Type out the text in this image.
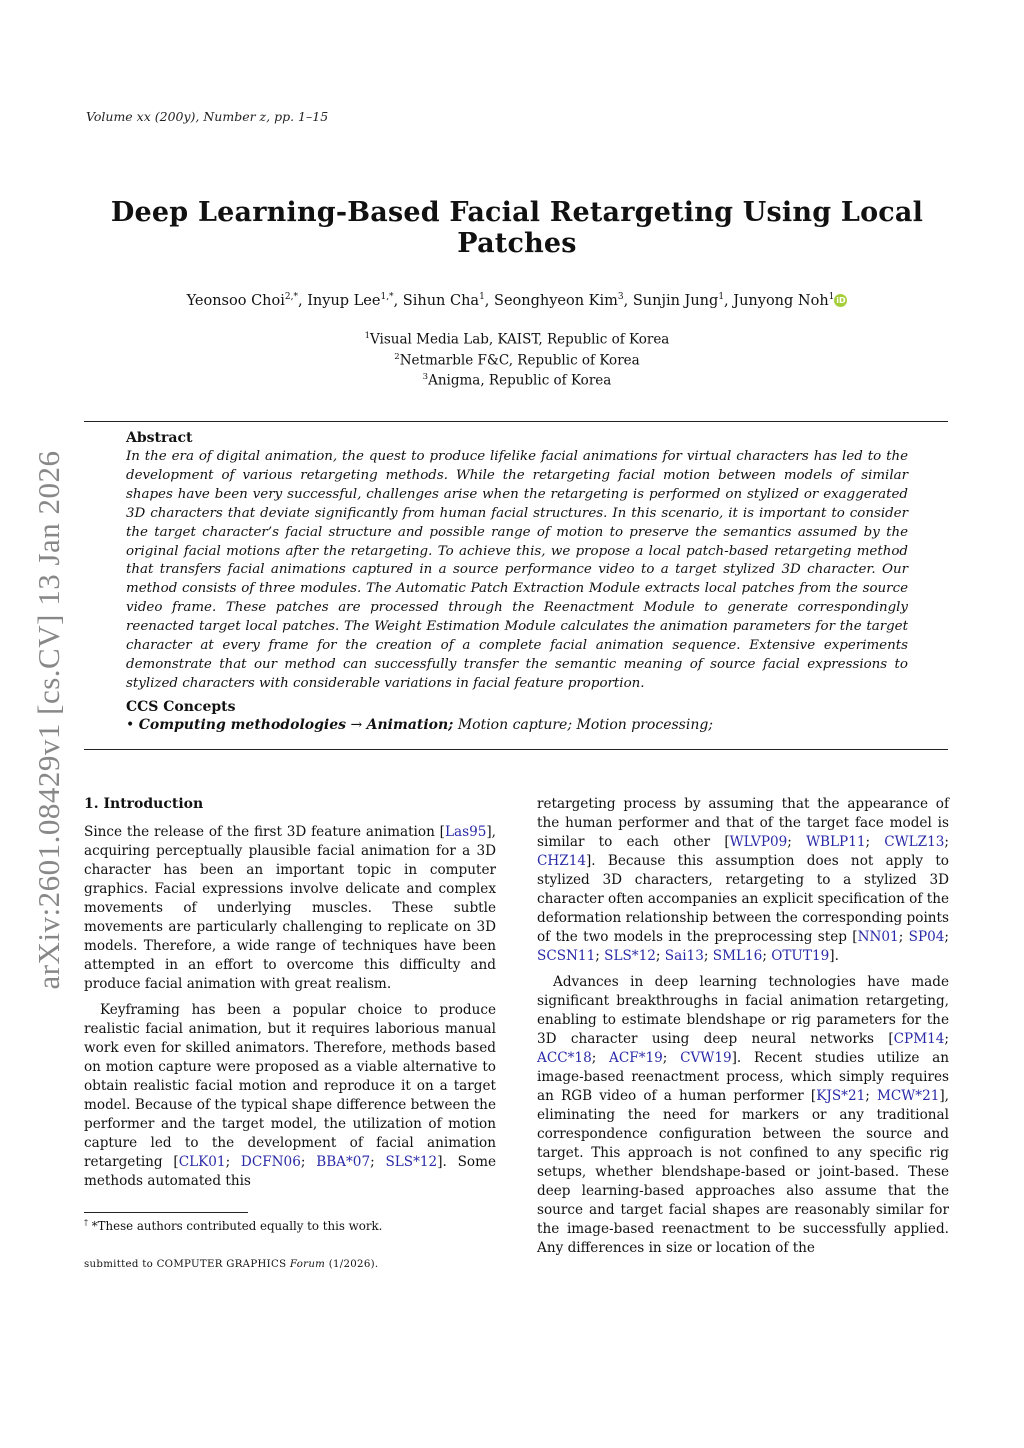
Volume xx (200y), Number z, pp. 1–15
arXiv:2601.08429v1 [cs.CV] 13 Jan 2026
Deep Learning-Based Facial Retargeting Using Local Patches
Yeonsoo Choi$^{2,*}$, Inyup Lee$^{1,*}$, Sihun Cha$^1$, Seonghyeon Kim$^3$, Sunjin Jung$^1$, Junyong Noh$^1$ iD
$^1$Visual Media Lab, KAIST, Republic of Korea
$^2$Netmarble F&C, Republic of Korea
$^3$Anigma, Republic of Korea
Abstract
In the era of digital animation, the quest to produce lifelike facial animations for virtual characters has led to the development of various retargeting methods. While the retargeting facial motion between models of similar shapes have been very successful, challenges arise when the retargeting is performed on stylized or exaggerated 3D characters that deviate significantly from human facial structures. In this scenario, it is important to consider the target character’s facial structure and possible range of motion to preserve the semantics assumed by the original facial motions after the retargeting. To achieve this, we propose a local patch-based retargeting method that transfers facial animations captured in a source performance video to a target stylized 3D character. Our method consists of three modules. The Automatic Patch Extraction Module extracts local patches from the source video frame. These patches are processed through the Reenactment Module to generate correspondingly reenacted target local patches. The Weight Estimation Module calculates the animation parameters for the target character at every frame for the creation of a complete facial animation sequence. Extensive experiments demonstrate that our method can successfully transfer the semantic meaning of source facial expressions to stylized characters with considerable variations in facial feature proportion.
CCS Concepts
• Computing methodologies → Animation; Motion capture; Motion processing;
1. Introduction

Since the release of the first 3D feature animation [Las95], acquiring perceptually plausible facial animation for a 3D character has been an important topic in computer graphics. Facial expressions involve delicate and complex movements of underlying muscles. These subtle movements are particularly challenging to replicate on 3D models. Therefore, a wide range of techniques have been attempted in an effort to overcome this difficulty and produce facial animation with great realism.

Keyframing has been a popular choice to produce realistic facial animation, but it requires laborious manual work even for skilled animators. Therefore, methods based on motion capture were proposed as a viable alternative to obtain realistic facial motion and reproduce it on a target model. Because of the typical shape difference between the performer and the target model, the utilization of motion capture led to the development of facial animation retargeting [CLK01; DCFN06; BBA*07; SLS*12]. Some methods automated this

retargeting process by assuming that the appearance of the human performer and that of the target face model is similar to each other [WLVP09; WBLP11; CWLZ13; CHZ14]. Because this assumption does not apply to stylized 3D characters, retargeting to a stylized 3D character often accompanies an explicit specification of the deformation relationship between the corresponding points of the two models in the preprocessing step [NN01; SP04; SCSN11; SLS*12; Sai13; SML16; OTUT19].

Advances in deep learning technologies have made significant breakthroughs in facial animation retargeting, enabling to estimate blendshape or rig parameters for the 3D character using deep neural networks [CPM14; ACC*18; ACF*19; CVW19]. Recent studies utilize an image-based reenactment process, which simply requires an RGB video of a human performer [KJS*21; MCW*21], eliminating the need for markers or any traditional correspondence configuration between the source and target. This approach is not confined to any specific rig setups, whether blendshape-based or joint-based. These deep learning-based approaches also assume that the source and target facial shapes are reasonably similar for the image-based reenactment to be successfully applied. Any differences in size or location of the

† *These authors contributed equally to this work.
submitted to COMPUTER GRAPHICS Forum (1/2026).
